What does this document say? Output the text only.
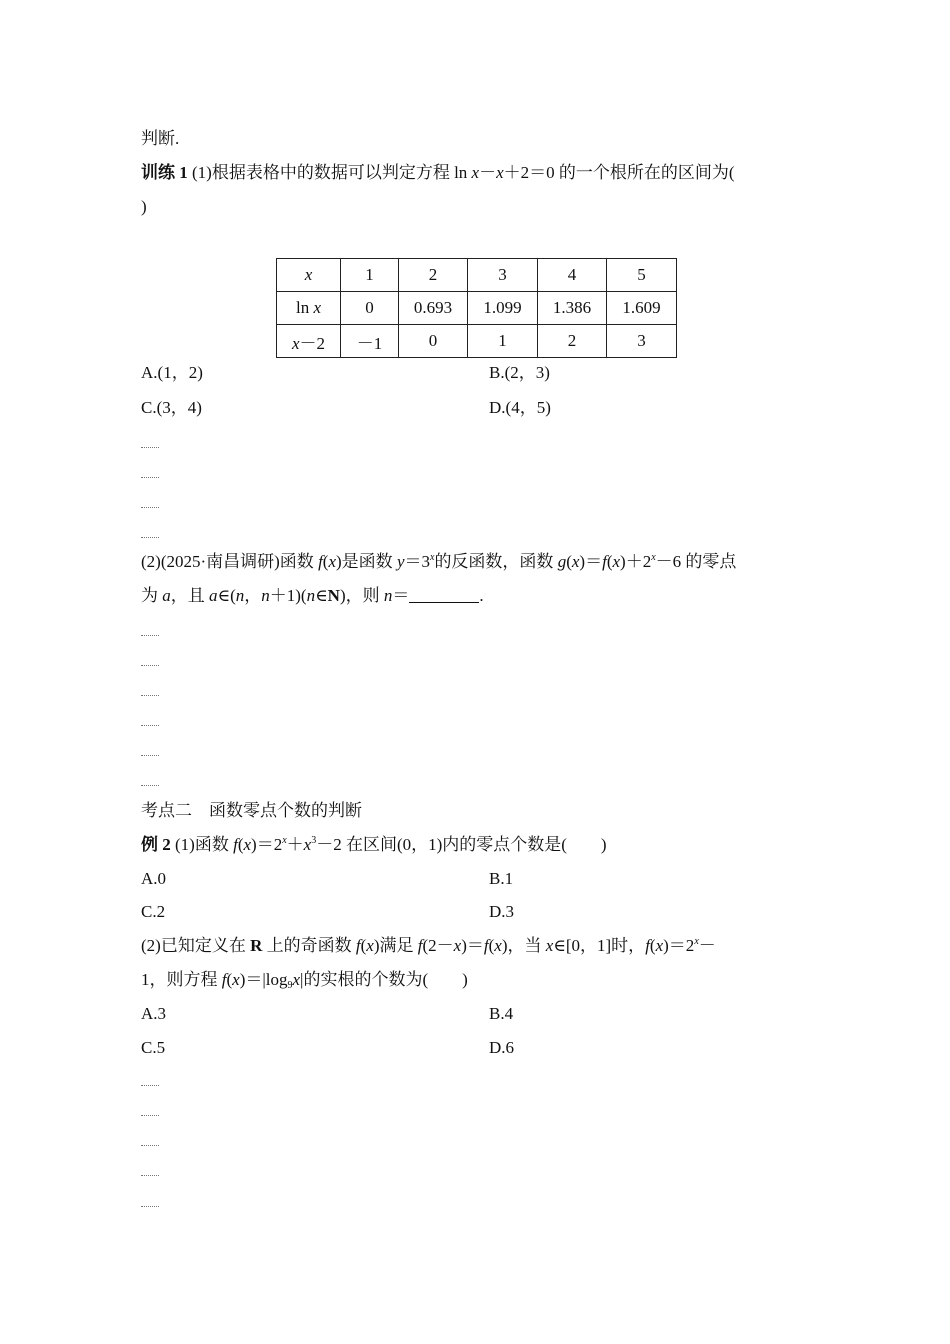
判断.
训练 1 (1)根据表格中的数据可以判定方程 ln x－x＋2＝0 的一个根所在的区间为(
)
x	1	2	3	4	5
ln x	0	0.693	1.099	1.386	1.609
x－2	－1	0	1	2	3
A.(1，2)	B.(2，3)
C.(3，4)	D.(4，5)
(2)(2025·南昌调研)函数 f(x)是函数 $y=3^x$的反函数，函数 $g(x)=f(x)+2^x-6$ 的零点
为 a，且 a∈(n，n＋1)(n∈N)，则 n＝	.
考点二　函数零点个数的判断
例 2 (1)函数 $f(x)=2^x+x^3-2$ 在区间(0，1)内的零点个数是(　　)
A.0	B.1
C.2	D.3
(2)已知定义在 R 上的奇函数 f(x)满足 f(2－x)＝f(x)，当 x∈[0，1]时，$f(x)=2^x-$
1，则方程 $f(x)=|\log_9x|$的实根的个数为(　　)
A.3	B.4
C.5	D.6
